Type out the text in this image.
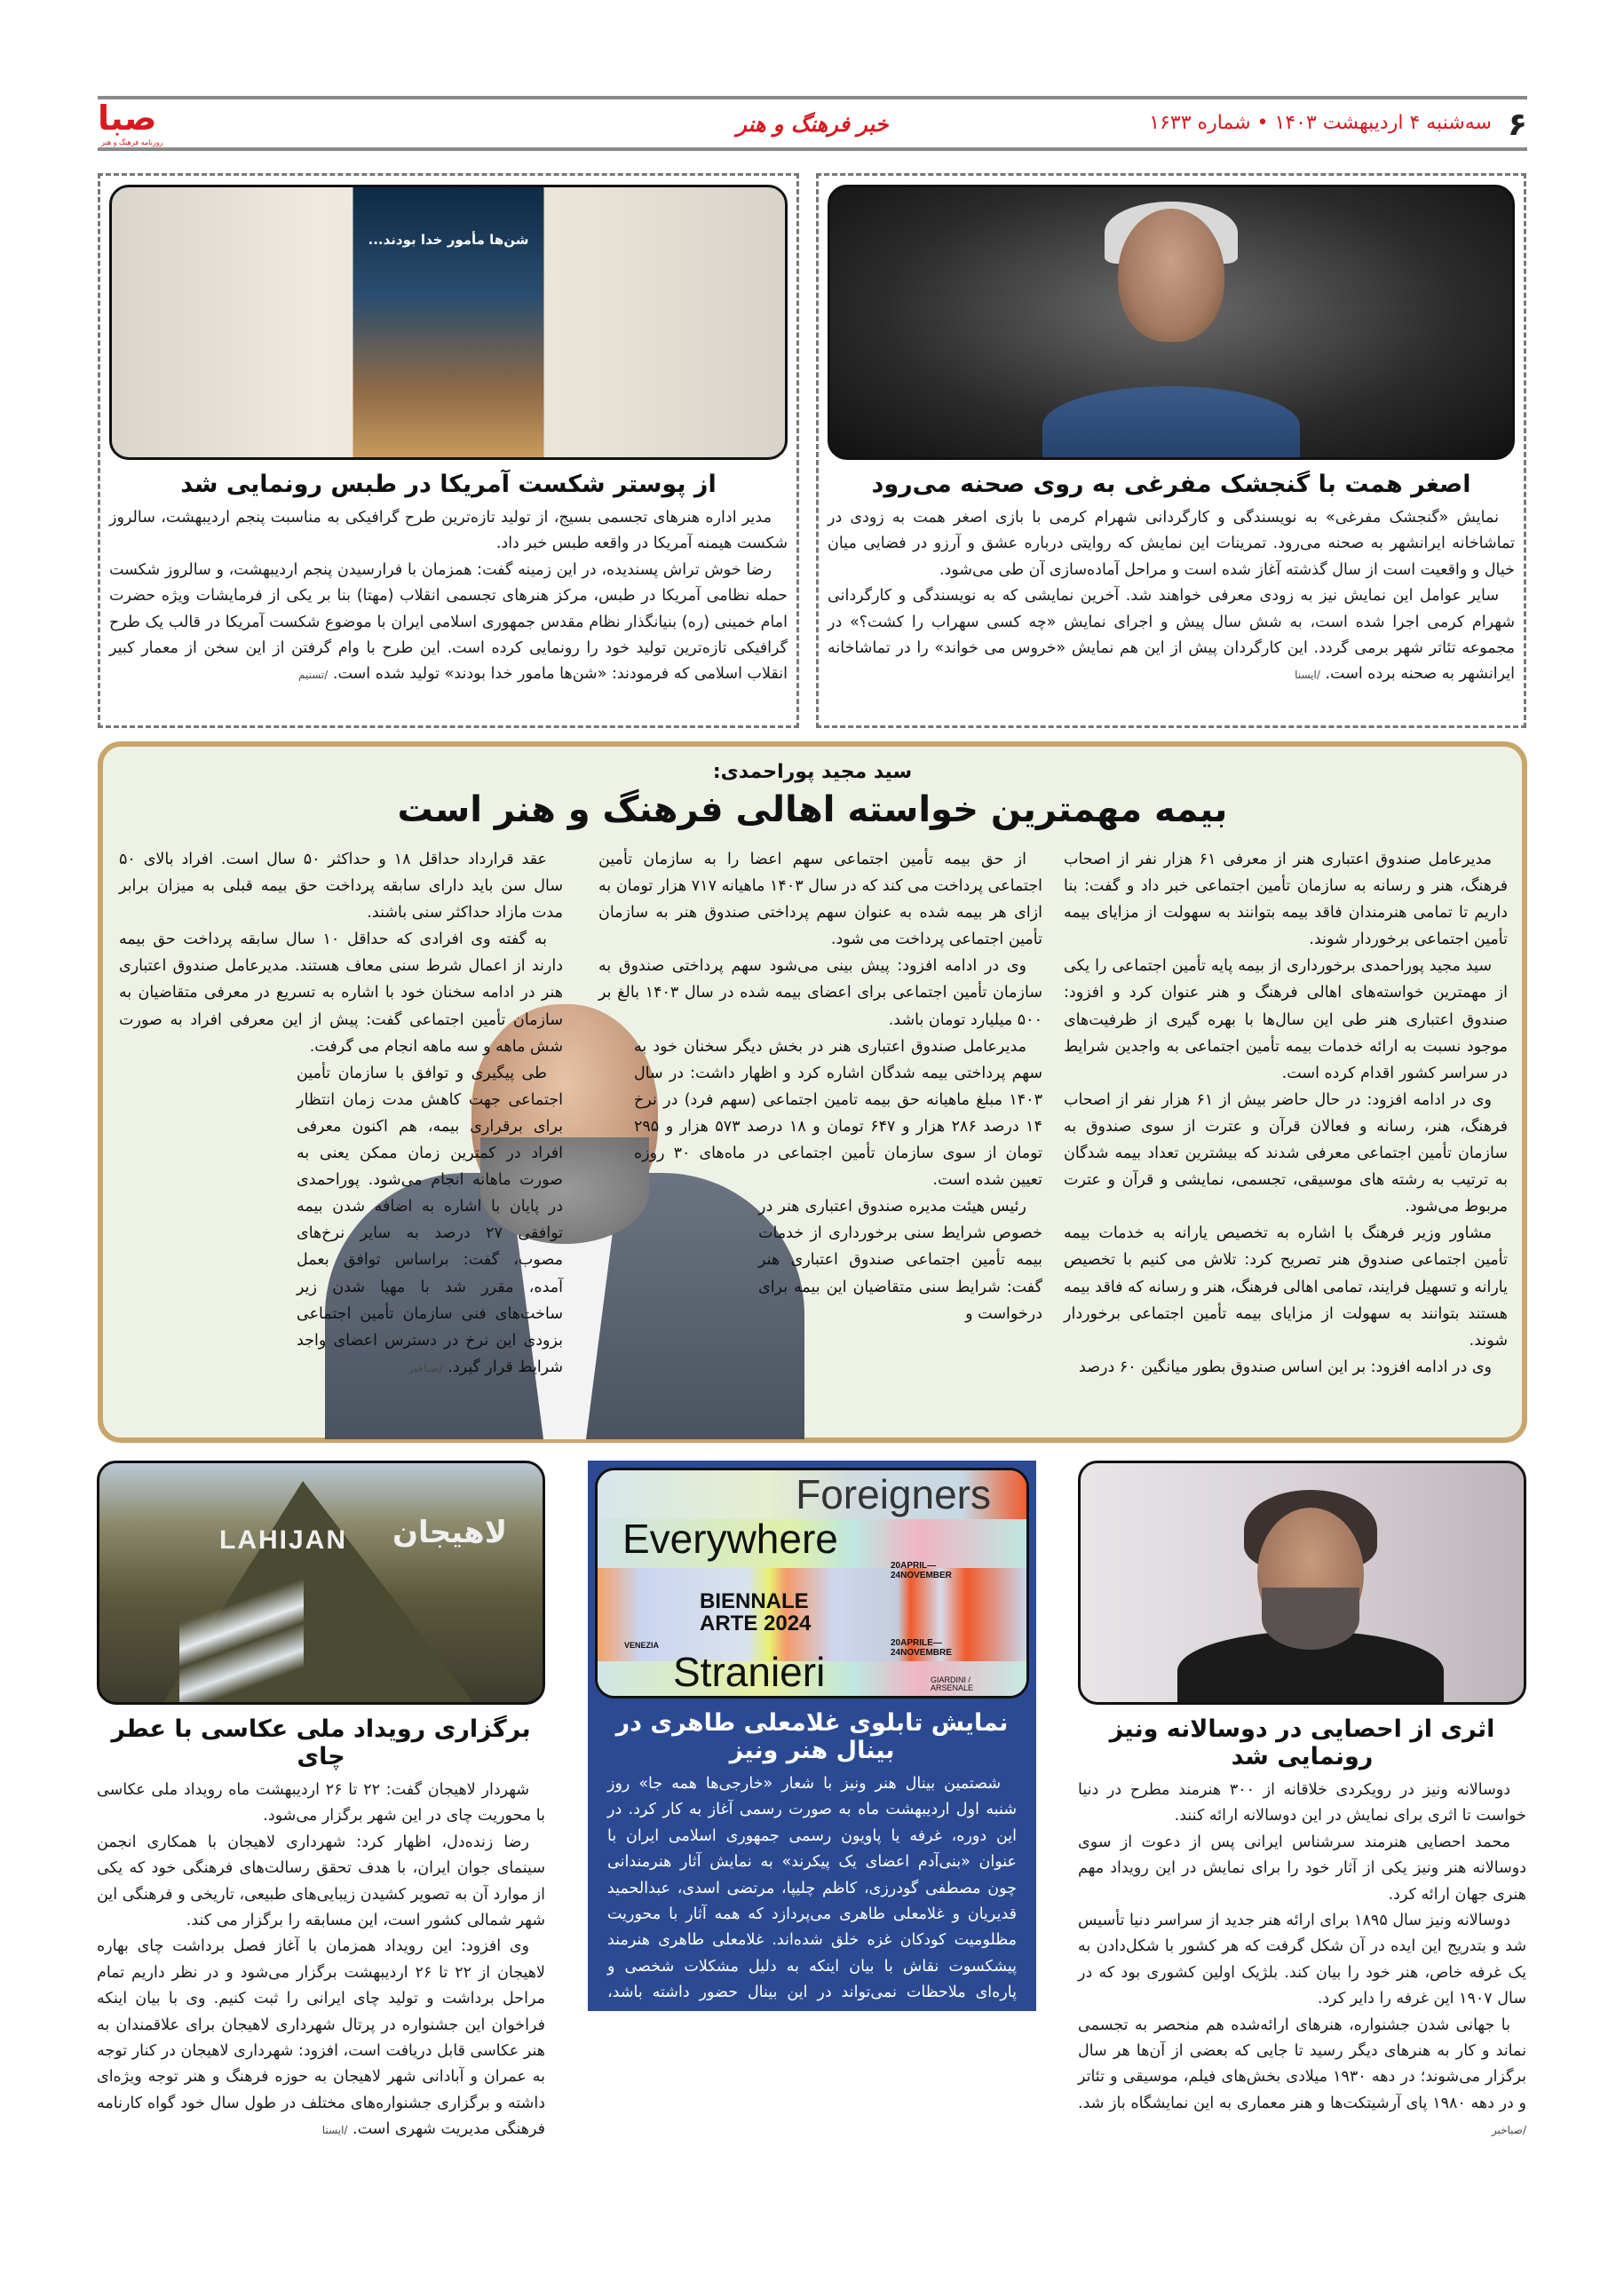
۶
سه‌شنبه ۴ اردیبهشت ۱۴۰۳ • شماره ۱۶۳۳
خبر فرهنگ و هنر
صبا
روزنامه فرهنگ و هنر
اصغر همت با گنجشک مفرغی به روی صحنه می‌رود

نمایش «گنجشک مفرغی» به نویسندگی و کارگردانی شهرام کرمی با بازی اصغر همت به زودی در تماشاخانه ایرانشهر به صحنه می‌رود. تمرینات این نمایش که روایتی درباره عشق و آرزو در فضایی میان خیال و واقعیت است از سال گذشته آغاز شده است و مراحل آماده‌سازی آن طی می‌شود.

سایر عوامل این نمایش نیز به زودی معرفی خواهند شد. آخرین نمایشی که به نویسندگی و کارگردانی شهرام کرمی اجرا شده است، به شش سال پیش و اجرای نمایش «چه کسی سهراب را کشت؟» در مجموعه تئاتر شهر برمی گردد. این کارگردان پیش از این هم نمایش «خروس می خواند» را در تماشاخانه ایرانشهر به صحنه برده است. /ایسنا

شن‌ها مأمور خدا بودند...
از پوستر شکست آمریکا در طبس رونمایی شد

مدیر اداره هنرهای تجسمی بسیج، از تولید تازه‌ترین طرح گرافیکی به مناسبت پنجم اردیبهشت، سالروز شکست هیمنه آمریکا در واقعه طبس خبر داد.

رضا خوش تراش پسندیده، در این زمینه گفت: همزمان با فرارسیدن پنجم اردیبهشت، و سالروز شکست حمله نظامی آمریکا در طبس، مرکز هنرهای تجسمی انقلاب (مهتا) بنا بر یکی از فرمایشات ویژه حضرت امام خمینی (ره) بنیانگذار نظام مقدس جمهوری اسلامی ایران با موضوع شکست آمریکا در قالب یک طرح گرافیکی تازه‌ترین تولید خود را رونمایی کرده است. این طرح با وام گرفتن از این سخن از معمار کبیر انقلاب اسلامی که فرمودند: «شن‌ها مامور خدا بودند» تولید شده است. /تسنیم

سید مجید پوراحمدی:
بیمه مهمترین خواسته اهالی فرهنگ و هنر است

مدیرعامل صندوق اعتباری هنر از معرفی ۶۱ هزار نفر از اصحاب فرهنگ، هنر و رسانه به سازمان تأمین اجتماعی خبر داد و گفت: بنا داریم تا تمامی هنرمندان فاقد بیمه بتوانند به سهولت از مزایای بیمه تأمین اجتماعی برخوردار شوند.

سید مجید پوراحمدی برخورداری از بیمه پایه تأمین اجتماعی را یکی از مهمترین خواسته‌های اهالی فرهنگ و هنر عنوان کرد و افزود: صندوق اعتباری هنر طی این سال‌ها با بهره گیری از ظرفیت‌های موجود نسبت به ارائه خدمات بیمه تأمین اجتماعی به واجدین شرایط در سراسر کشور اقدام کرده است.

وی در ادامه افزود: در حال حاضر بیش از ۶۱ هزار نفر از اصحاب فرهنگ، هنر، رسانه و فعالان قرآن و عترت از سوی صندوق به سازمان تأمین اجتماعی معرفی شدند که بیشترین تعداد بیمه شدگان به ترتیب به رشته های موسیقی، تجسمی، نمایشی و قرآن و عترت مربوط می‌شود.

مشاور وزیر فرهنگ با اشاره به تخصیص یارانه به خدمات بیمه تأمین اجتماعی صندوق هنر تصریح کرد: تلاش می کنیم با تخصیص یارانه و تسهیل فرایند، تمامی اهالی فرهنگ، هنر و رسانه که فاقد بیمه هستند بتوانند به سهولت از مزایای بیمه تأمین اجتماعی برخوردار شوند.

وی در ادامه افزود: بر این اساس صندوق بطور میانگین ۶۰ درصد

از حق بیمه تأمین اجتماعی سهم اعضا را به سازمان تأمین اجتماعی پرداخت می کند که در سال ۱۴۰۳ ماهیانه ۷۱۷ هزار تومان به ازای هر بیمه شده به عنوان سهم پرداختی صندوق هنر به سازمان تأمین اجتماعی پرداخت می شود.

وی در ادامه افزود: پیش بینی می‌شود سهم پرداختی صندوق به سازمان تأمین اجتماعی برای اعضای بیمه شده در سال ۱۴۰۳ بالغ بر ۵۰۰ میلیارد تومان باشد.

مدیرعامل صندوق اعتباری هنر در بخش دیگر سخنان خود به سهم پرداختی بیمه شدگان اشاره کرد و اظهار داشت: در سال ۱۴۰۳ مبلغ ماهیانه حق بیمه تامین اجتماعی (سهم فرد) در نرخ ۱۴ درصد ۲۸۶ هزار و ۶۴۷ تومان و ۱۸ درصد ۵۷۳ هزار و ۲۹۵ تومان از سوی سازمان تأمین اجتماعی در ماه‌های ۳۰ روزه تعیین شده است.

رئیس هیئت مدیره صندوق اعتباری هنر در خصوص شرایط سنی برخورداری از خدمات بیمه تأمین اجتماعی صندوق اعتباری هنر گفت: شرایط سنی متقاضیان این بیمه برای درخواست و

عقد قرارداد حداقل ۱۸ و حداکثر ۵۰ سال است. افراد بالای ۵۰ سال سن باید دارای سابقه پرداخت حق بیمه قبلی به میزان برابر مدت مازاد حداکثر سنی باشند.

به گفته وی افرادی که حداقل ۱۰ سال سابقه پرداخت حق بیمه دارند از اعمال شرط سنی معاف هستند. مدیرعامل صندوق اعتباری هنر در ادامه سخنان خود با اشاره به تسریع در معرفی متقاضیان به سازمان تأمین اجتماعی گفت: پیش از این معرفی افراد به صورت شش ماهه و سه ماهه انجام می گرفت.

طی پیگیری و توافق با سازمان تأمین اجتماعی جهت کاهش مدت زمان انتظار برای برقراری بیمه، هم اکنون معرفی افراد در کمترین زمان ممکن یعنی به صورت ماهانه انجام می‌شود. پوراحمدی در پایان با اشاره به اضافه شدن بیمه توافقی ۲۷ درصد به سایر نرخ‌های مصوب، گفت: براساس توافق بعمل آمده، مقرر شد با مهیا شدن زیر ساخت‌های فنی سازمان تأمین اجتماعی بزودی این نرخ در دسترس اعضای واجد شرایط قرار گیرد. /صباخبر

اثری از احصایی در دوسالانه ونیز رونمایی شد

دوسالانه ونیز در رویکردی خلاقانه از ۳۰۰ هنرمند مطرح در دنیا خواست تا اثری برای نمایش در این دوسالانه ارائه کنند.

محمد احصایی هنرمند سرشناس ایرانی پس از دعوت از سوی دوسالانه هنر ونیز یکی از آثار خود را برای نمایش در این رویداد مهم هنری جهان ارائه کرد.

دوسالانه ونیز سال ۱۸۹۵ برای ارائه هنر جدید از سراسر دنیا تأسیس شد و بتدریج این ایده در آن شکل گرفت که هر کشور با شکل‌دادن به یک غرفه خاص، هنر خود را بیان کند. بلژیک اولین کشوری بود که در سال ۱۹۰۷ این غرفه را دایر کرد.

با جهانی شدن جشنواره، هنرهای ارائه‌شده هم منحصر به تجسمی نماند و کار به هنرهای دیگر رسید تا جایی که بعضی از آن‌ها هر سال برگزار می‌شوند؛ در دهه ۱۹۳۰ میلادی بخش‌های فیلم، موسیقی و تئاتر و در دهه ۱۹۸۰ پای آرشیتکت‌ها و هنر معماری به این نمایشگاه باز شد. /صباخبر

Foreigners
Everywhere
BIENNALE
ARTE 2024
Stranieri
VENEZIA
20APRIL—
24NOVEMBER
20APRILE—
24NOVEMBRE
GIARDINI /
ARSENALE
نمایش تابلوی غلامعلی طاهری در بینال هنر ونیز

شصتمین بینال هنر ونیز با شعار «خارجی‌ها همه جا» روز شنبه اول اردیبهشت ماه به صورت رسمی آغاز به کار کرد. در این دوره، غرفه یا پاویون رسمی جمهوری اسلامی ایران با عنوان «بنی‌آدم اعضای یک پیکرند» به نمایش آثار هنرمندانی چون مصطفی گودرزی، کاظم چلیپا، مرتضی اسدی، عبدالحمید قدیریان و غلامعلی طاهری می‌پردازد که همه آثار با محوریت مظلومیت کودکان غزه خلق شده‌اند. غلامعلی طاهری هنرمند پیشکسوت نقاش با بیان اینکه به دلیل مشکلات شخصی و پاره‌ای ملاحظات نمی‌تواند در این بینال حضور داشته باشد، اظهار کرد: از من خواسته شد تا اثری درباره کودکان غزه خلق کنم که در هر حال این کار را انجام دادم و این اثر در بینال ونیز حضور خواهد داشت اما من حضور فیزیکی در این رویداد نخواهم داشت. این هنرمند نقاش بیان کرد: اثری که خلق کردم رئالیستی است و با فضا و رنگ‌های تیره کار شده است. /مهر

LAHIJAN لاهیجان
برگزاری رویداد ملی عکاسی با عطر چای

شهردار لاهیجان گفت: ۲۲ تا ۲۶ اردیبهشت ماه رویداد ملی عکاسی با محوریت چای در این شهر برگزار می‌شود.

رضا زنده‌دل، اظهار کرد: شهرداری لاهیجان با همکاری انجمن سینمای جوان ایران، با هدف تحقق رسالت‌های فرهنگی خود که یکی از موارد آن به تصویر کشیدن زیبایی‌های طبیعی، تاریخی و فرهنگی این شهر شمالی کشور است، این مسابقه را برگزار می کند.

وی افزود: این رویداد همزمان با آغاز فصل برداشت چای بهاره لاهیجان از ۲۲ تا ۲۶ اردیبهشت برگزار می‌شود و در نظر داریم تمام مراحل برداشت و تولید چای ایرانی را ثبت کنیم. وی با بیان اینکه فراخوان این جشنواره در پرتال شهرداری لاهیجان برای علاقمندان به هنر عکاسی قابل دریافت است، افزود: شهرداری لاهیجان در کنار توجه به عمران و آبادانی شهر لاهیجان به حوزه فرهنگ و هنر توجه ویژه‌ای داشته و برگزاری جشنواره‌های مختلف در طول سال خود گواه کارنامه فرهنگی مدیریت شهری است. /ایسنا
